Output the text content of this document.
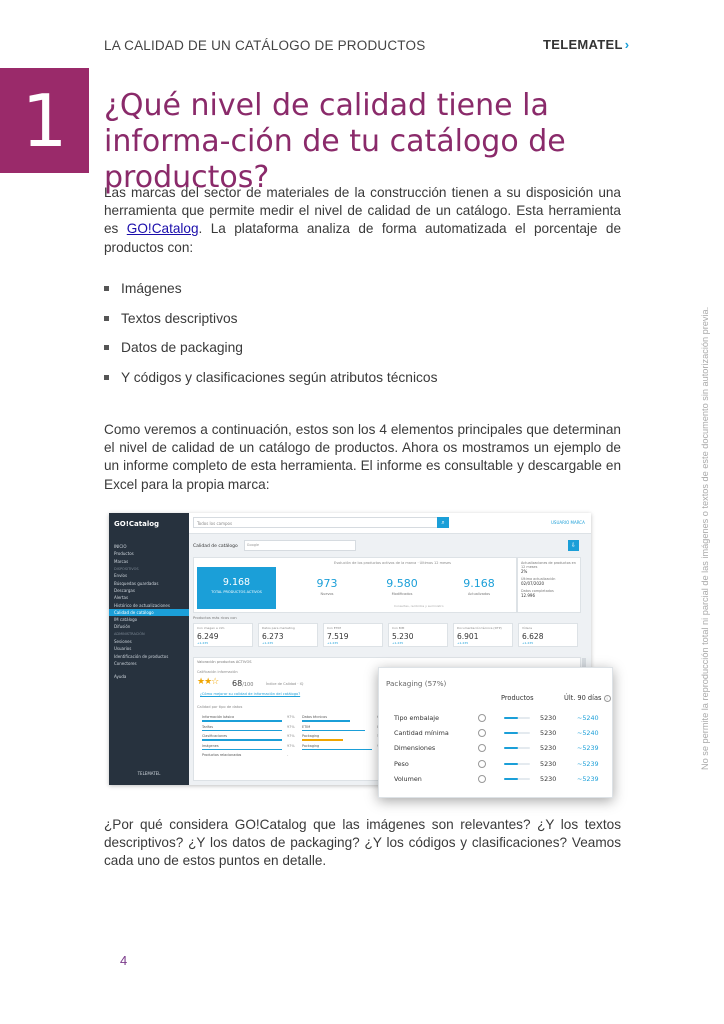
LA CALIDAD DE UN CATÁLOGO DE PRODUCTOS	TELEMATEL ›
1	¿Qué nivel de calidad tiene la informa-ción de tu catálogo de productos?

Las marcas del sector de materiales de la construcción tienen a su disposición una herramienta que permite medir el nivel de calidad de un catálogo. Esta herramienta es GO!Catalog. La plataforma analiza de forma automatizada el porcentaje de productos con:

Imágenes
Textos descriptivos
Datos de packaging
Y códigos y clasificaciones según atributos técnicos

Como veremos a continuación, estos son los 4 elementos principales que determinan el nivel de calidad de un catálogo de productos. Ahora os mostramos un ejemplo de un informe completo de esta herramienta. El informe es consultable y descargable en Excel para la propia marca:

GO!Catalog
INICIO
Productos
Marcas
DISPOSITIVOS
Envíos
Búsquedas guardadas
Descargas
Alertas
Histórico de actualizaciones
Calidad de catálogo
IM catálogo
Difusión
ADMINISTRACIÓN
Sesiones
Usuarios
Identificación de productos
Conectores
Ayuda
TELEMATEL
Todos los campos	⌕	USUARIO MARCA
Calidad de catálogo	Google	⇩
Evolución de los productos activos de la marca · Últimos 12 meses
9.168
TOTAL PRODUCTOS ACTIVOS
973
Nuevos
9.580
Modificados
9.168
Actualizados
Consultas, recibidos y suministro
Actualizaciones de productos en 12 meses
2%
Última actualización
02/07/2020
Datos completados
12.996
Productos más ricos con
Con imagen e info
6.249
+1.235
Datos para marketing
6.273
+1.235
Con ETIM
7.519
+1.235
Con BIM
5.230
+1.235
Documentación técnica (DTP)
6.901
+1.235
Vídeos
6.628
+1.235
Valoración productos ACTIVOS
Calificación información
★★☆ 68/100	Índice de Calidad · IQ
¿Cómo mejorar su calidad de información del catálogo?
Calidad por tipo de datos
Información básica	97% Datos técnicos
Tarifas	97% ETIM
Clasificaciones	97% Packaging
Imágenes	97% Packaging
Productos relacionados	-
Packaging (57%)
Productos	Últ. 90 días i
Tipo embalaje	5230	~5240
Cantidad mínima	5230	~5240
Dimensiones	5230	~5239
Peso	5230	~5239
Volumen	5230	~5239

¿Por qué considera GO!Catalog que las imágenes son relevantes? ¿Y los textos descriptivos? ¿Y los datos de packaging? ¿Y los códigos y clasificaciones? Veamos cada uno de estos puntos en detalle.

No se permite la reproducción total ni parcial de las imágenes o textos de este documento sin autorización previa.
4
